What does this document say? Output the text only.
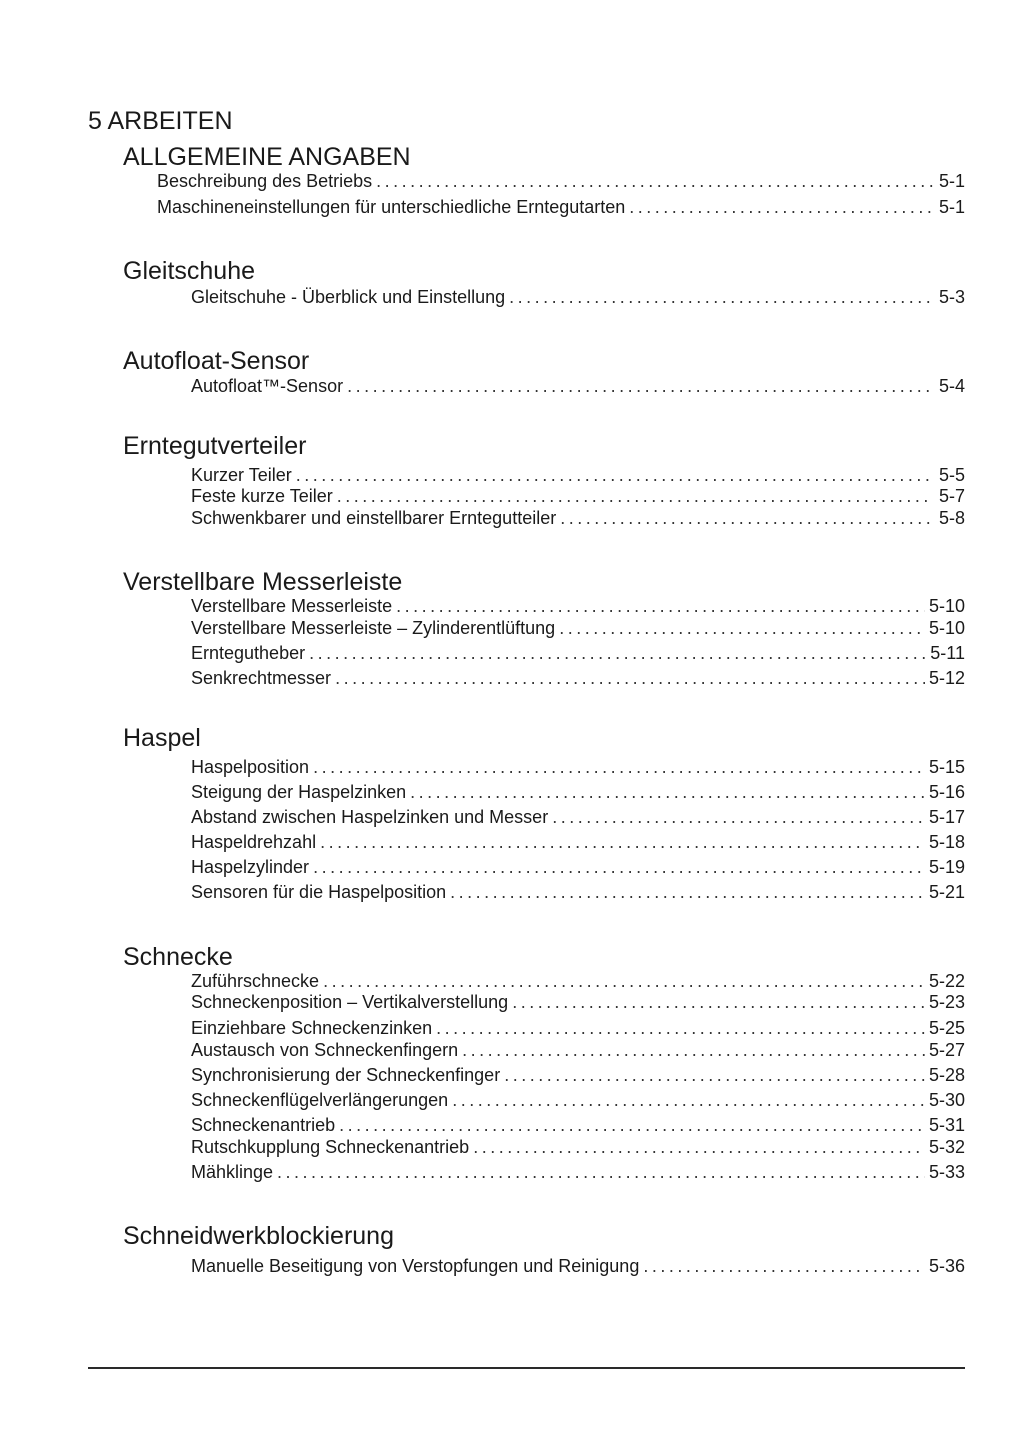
5 ARBEITEN
ALLGEMEINE ANGABEN
Beschreibung des Betriebs . . .	5-1
Maschineneinstellungen für unterschiedliche Erntegutarten . . .	5-1
Gleitschuhe
Gleitschuhe - Überblick und Einstellung . . .	5-3
Autofloat-Sensor
Autofloat™-Sensor . . .	5-4
Erntegutverteiler
Kurzer Teiler . . .	5-5
Feste kurze Teiler . . .	5-7
Schwenkbarer und einstellbarer Erntegutteiler . . .	5-8
Verstellbare Messerleiste
Verstellbare Messerleiste . . .	5-10
Verstellbare Messerleiste – Zylinderentlüftung . . .	5-10
Erntegutheber . . .	5-11
Senkrechtmesser . . .	5-12
Haspel
Haspelposition . . .	5-15
Steigung der Haspelzinken . . .	5-16
Abstand zwischen Haspelzinken und Messer . . .	5-17
Haspeldrehzahl . . .	5-18
Haspelzylinder . . .	5-19
Sensoren für die Haspelposition . . .	5-21
Schnecke
Zuführschnecke . . .	5-22
Schneckenposition – Vertikalverstellung . . .	5-23
Einziehbare Schneckenzinken . . .	5-25
Austausch von Schneckenfingern . . .	5-27
Synchronisierung der Schneckenfinger . . .	5-28
Schneckenflügelverlängerungen . . .	5-30
Schneckenantrieb . . .	5-31
Rutschkupplung Schneckenantrieb . . .	5-32
Mähklinge . . .	5-33
Schneidwerkblockierung
Manuelle Beseitigung von Verstopfungen und Reinigung . . .	5-36
